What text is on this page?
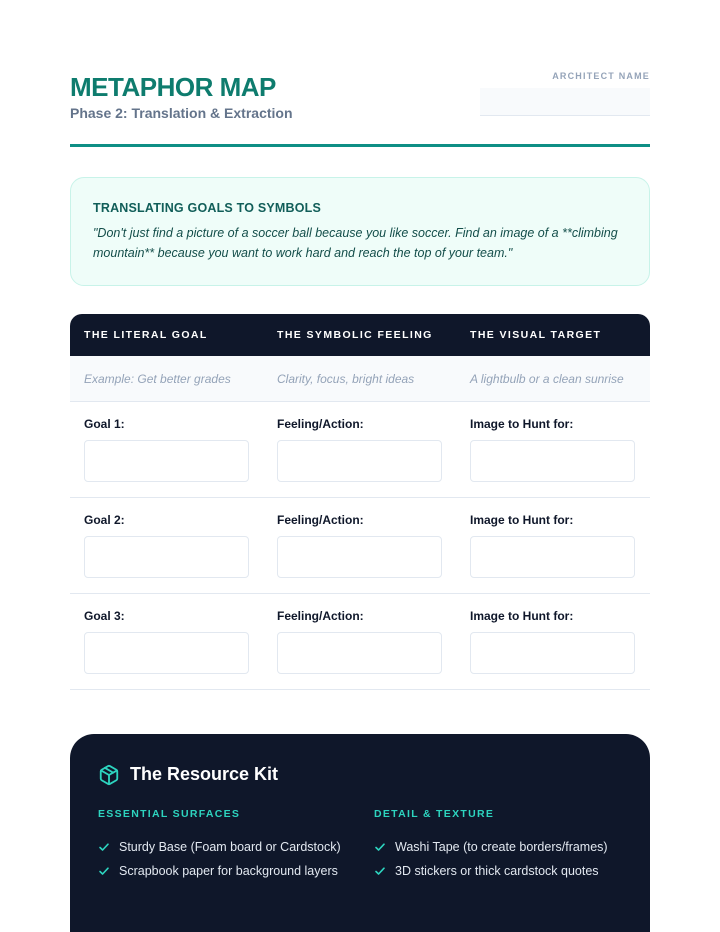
METAPHOR MAP
Phase 2: Translation & Extraction
ARCHITECT NAME
TRANSLATING GOALS TO SYMBOLS
"Don't just find a picture of a soccer ball because you like soccer. Find an image of a **climbing mountain** because you want to work hard and reach the top of your team."
THE LITERAL GOAL	THE SYMBOLIC FEELING	THE VISUAL TARGET
Example: Get better grades	Clarity, focus, bright ideas	A lightbulb or a clean sunrise
Goal 1:	Feeling/Action:	Image to Hunt for:
Goal 2:	Feeling/Action:	Image to Hunt for:
Goal 3:	Feeling/Action:	Image to Hunt for:
The Resource Kit
ESSENTIAL SURFACES
Sturdy Base (Foam board or Cardstock)
Scrapbook paper for background layers
DETAIL & TEXTURE
Washi Tape (to create borders/frames)
3D stickers or thick cardstock quotes
